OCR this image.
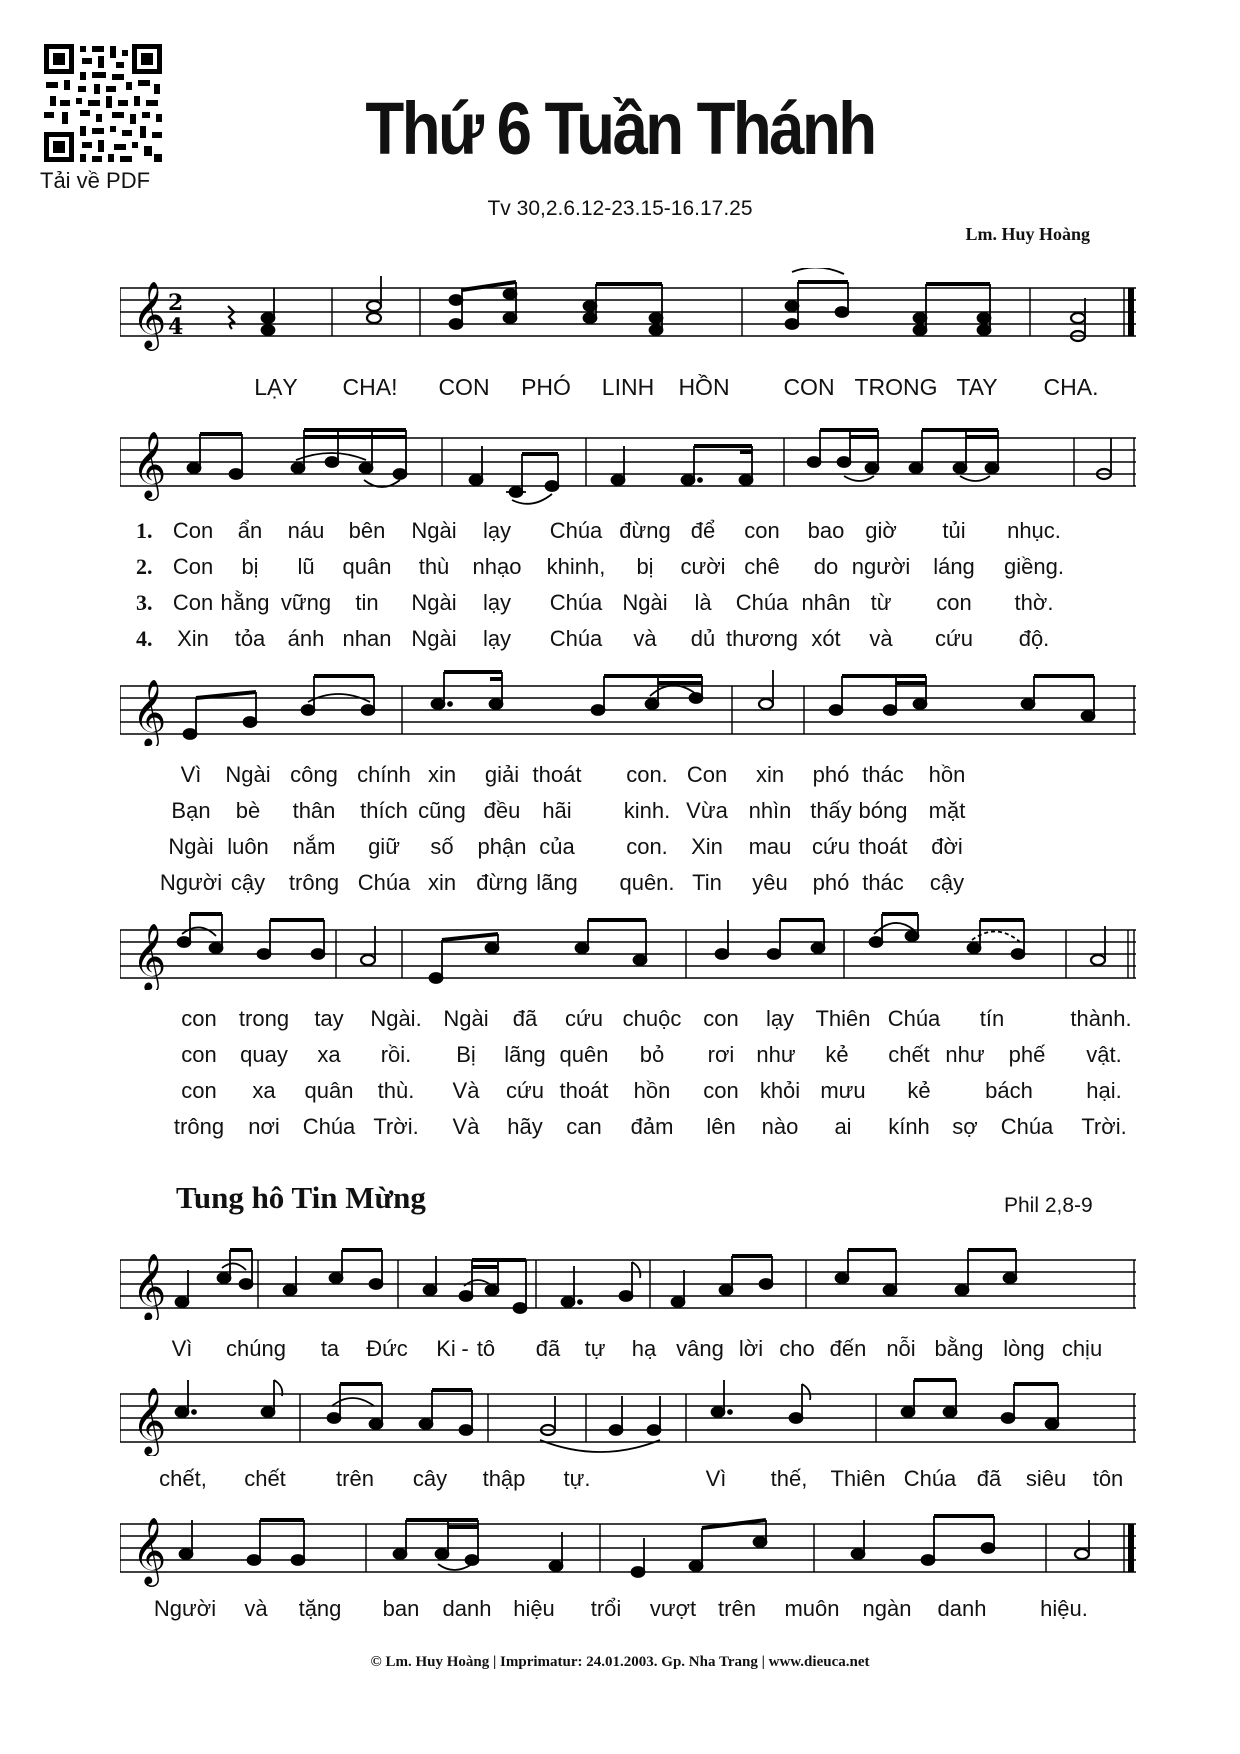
Tải về PDF
Thứ 6 Tuần Thánh
Tv 30,2.6.12-23.15-16.17.25
Lm. Huy Hoàng
𝄞 2
4
LẠY CHA! CON PHÓ LINH HỒN CON TRONG TAY CHA.
𝄞
1. Con ẩn náu bên Ngài lạy Chúa đừng để con bao giờ tủi nhục.
2. Con bị lũ quân thù nhạo khinh, bị cười chê do người láng giềng.
3. Con hằng vững tin Ngài lạy Chúa Ngài là Chúa nhân từ con thờ.
4. Xin tỏa ánh nhan Ngài lạy Chúa và dủ thương xót và cứu độ.
𝄞
Vì Ngài công chính xin giải thoát con. Con xin phó thác hồn
Bạn bè thân thích cũng đều hãi kinh. Vừa nhìn thấy bóng mặt
Ngài luôn nắm giữ số phận của con. Xin mau cứu thoát đời
Người cậy trông Chúa xin đừng lãng quên. Tin yêu phó thác cậy
𝄞
con trong tay Ngài. Ngài đã cứu chuộc con lạy Thiên Chúa tín	thành.
con quay xa rồi. Bị lãng quên bỏ rơi như kẻ chết như phế vật.
con xa quân thù. Và cứu thoát hồn con khỏi mưu kẻ bách hại.
trông nơi Chúa Trời. Và hãy can đảm lên nào ai kính sợ Chúa Trời.
Tung hô Tin Mừng	Phil 2,8-9
𝄞
Vì chúng ta Đức Ki - tô đã tự hạ vâng lời cho đến nỗi bằng lòng chịu
𝄞
chết, chết trên cây thập tự.	Vì thế, Thiên Chúa đã siêu tôn
𝄞
Người và tặng ban danh hiệu trổi vượt trên muôn ngàn danh hiệu.
© Lm. Huy Hoàng | Imprimatur: 24.01.2003. Gp. Nha Trang | www.dieuca.net
